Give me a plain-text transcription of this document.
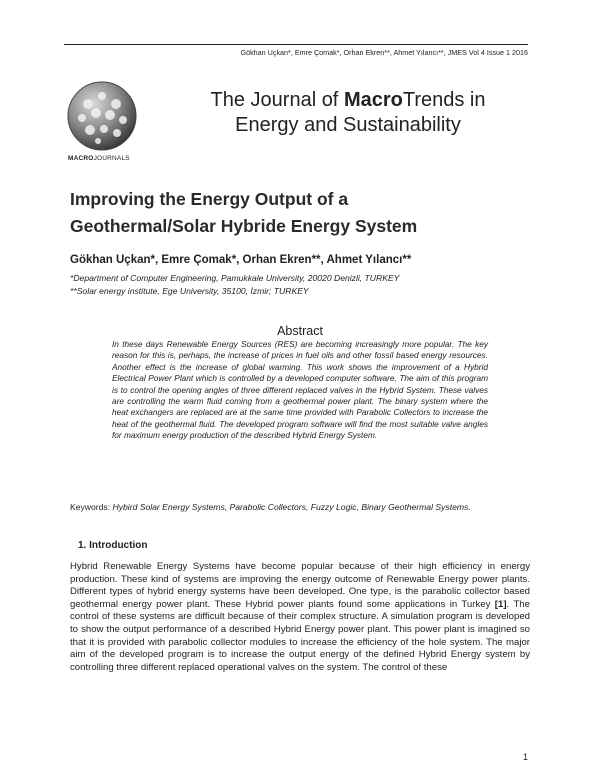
Gökhan Uçkan*, Emre Çomak*, Orhan Ekren**, Ahmet Yılancı**, JMES Vol 4 Issue 1 2016
MACROJOURNALS
The Journal of MacroTrends in
Energy and Sustainability
Improving the Energy Output of a
Geothermal/Solar Hybride Energy System
Gökhan Uçkan*, Emre Çomak*, Orhan Ekren**, Ahmet Yılancı**
*Department of Computer Engineering, Pamukkale University, 20020 Denizli, TURKEY
**Solar energy institute, Ege University, 35100, İzmir; TURKEY
Abstract
In these days Renewable Energy Sources (RES) are becoming increasingly more popular. The key reason for this is, perhaps, the increase of prices in fuel oils and other fossil based energy resources. Another effect is the increase of global warming. This work shows the improvement of a Hybrid Electrical Power Plant which is controlled by a developed computer software. The aim of this program is to control the opening angles of three different replaced valves in the Hybrid System. These valves are controlling the warm fluid coming from a geothermal power plant. The binary system where the heat exchangers are replaced are at the same time provided with Parabolic Collectors to increase the heat of the geothermal fluid. The developed program software will find the most suitable valve angles for maximum energy production of the described Hybrid Energy System.
Keywords: Hybird Solar Energy Systems, Parabolic Collectors, Fuzzy Logic, Binary Geothermal Systems.
1. Introduction
Hybrid Renewable Energy Systems have become popular because of their high efficiency in energy production. These kind of systems are improving the energy outcome of Renewable Energy power plants. Different types of hybrid energy systems have been developed. One type, is the parabolic collector based geothermal energy power plant. These Hybrid power plants found some applications in Turkey [1]. The control of these systems are difficult because of their complex structure. A simulation program is developed to show the output performance of a described Hybrid Energy power plant. This power plant is imagined so that it is provided with parabolic collector modules to increase the efficiency of the hole system. The major aim of the developed program is to increase the output energy of the defined Hybrid Energy system by controlling three different replaced operational valves on the system. The control of these
1
